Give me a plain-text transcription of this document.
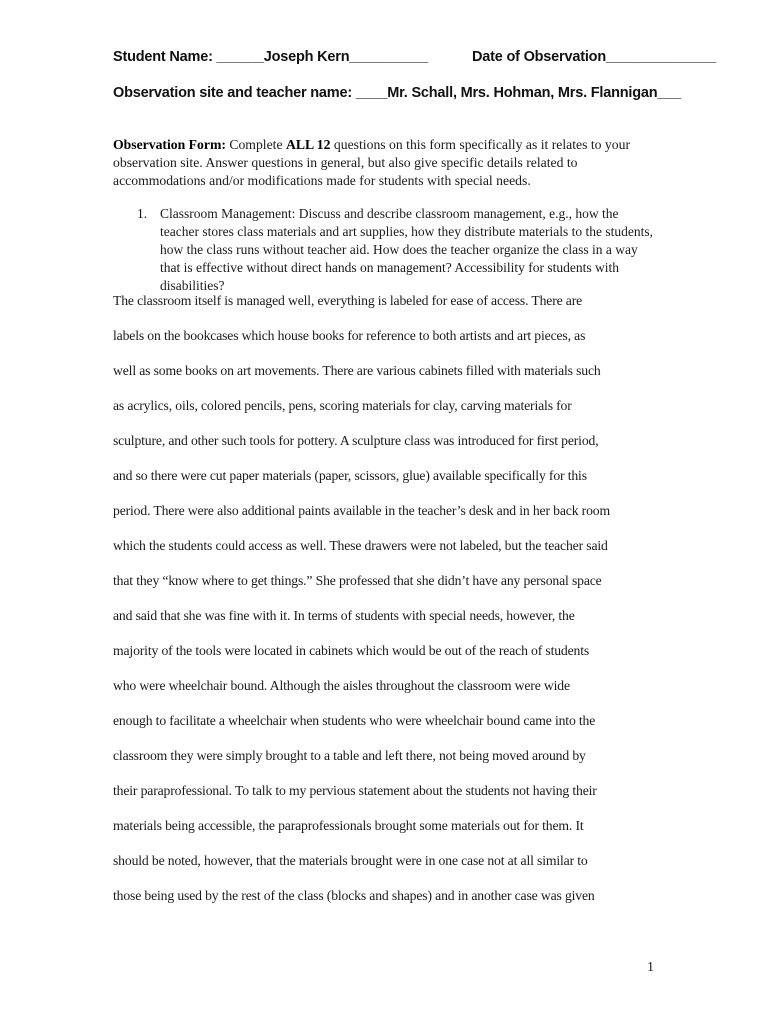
Student Name: ______Joseph Kern__________	Date of Observation______________
Observation site and teacher name: ____Mr. Schall, Mrs. Hohman, Mrs. Flannigan___
Observation Form: Complete ALL 12 questions on this form specifically as it relates to your observation site. Answer questions in general, but also give specific details related to accommodations and/or modifications made for students with special needs.
1. Classroom Management: Discuss and describe classroom management, e.g., how the teacher stores class materials and art supplies, how they distribute materials to the students, how the class runs without teacher aid. How does the teacher organize the class in a way that is effective without direct hands on management? Accessibility for students with disabilities?
The classroom itself is managed well, everything is labeled for ease of access. There are
labels on the bookcases which house books for reference to both artists and art pieces, as
well as some books on art movements. There are various cabinets filled with materials such
as acrylics, oils, colored pencils, pens, scoring materials for clay, carving materials for
sculpture, and other such tools for pottery. A sculpture class was introduced for first period,
and so there were cut paper materials (paper, scissors, glue) available specifically for this
period. There were also additional paints available in the teacher’s desk and in her back room
which the students could access as well. These drawers were not labeled, but the teacher said
that they “know where to get things.” She professed that she didn’t have any personal space
and said that she was fine with it. In terms of students with special needs, however, the
majority of the tools were located in cabinets which would be out of the reach of students
who were wheelchair bound. Although the aisles throughout the classroom were wide
enough to facilitate a wheelchair when students who were wheelchair bound came into the
classroom they were simply brought to a table and left there, not being moved around by
their paraprofessional. To talk to my pervious statement about the students not having their
materials being accessible, the paraprofessionals brought some materials out for them. It
should be noted, however, that the materials brought were in one case not at all similar to
those being used by the rest of the class (blocks and shapes) and in another case was given
1
